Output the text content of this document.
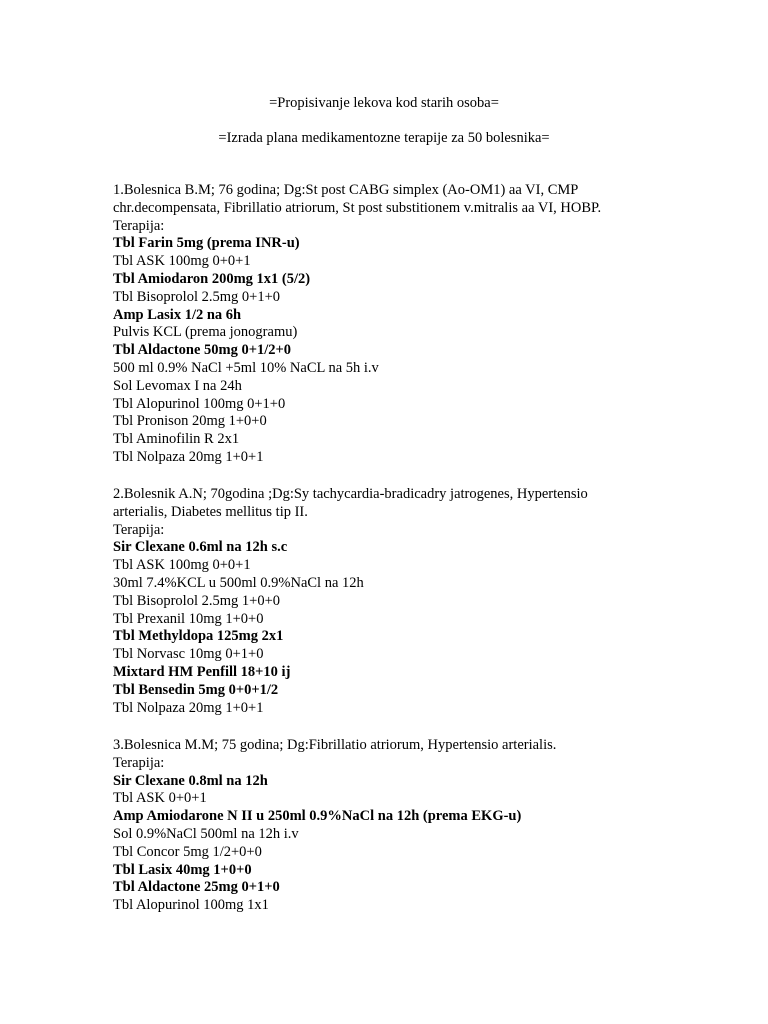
=Propisivanje lekova kod starih osoba=
=Izrada plana medikamentozne terapije za 50 bolesnika=
1.Bolesnica B.M; 76 godina; Dg:St post CABG simplex (Ao-OM1) aa VI, CMP
chr.decompensata, Fibrillatio atriorum, St post substitionem v.mitralis aa VI, HOBP.
Terapija:
Tbl Farin 5mg (prema INR-u)
Tbl ASK 100mg 0+0+1
Tbl Amiodaron 200mg 1x1 (5/2)
Tbl Bisoprolol 2.5mg 0+1+0
Amp Lasix 1/2 na 6h
Pulvis KCL (prema jonogramu)
Tbl Aldactone 50mg 0+1/2+0
500 ml 0.9% NaCl +5ml 10% NaCL na 5h i.v
Sol Levomax I na 24h
Tbl Alopurinol 100mg 0+1+0
Tbl Pronison 20mg 1+0+0
Tbl Aminofilin R 2x1
Tbl Nolpaza 20mg 1+0+1
2.Bolesnik A.N; 70godina ;Dg:Sy tachycardia-bradicadry jatrogenes, Hypertensio
arterialis, Diabetes mellitus tip II.
Terapija:
Sir Clexane 0.6ml na 12h s.c
Tbl ASK 100mg 0+0+1
30ml 7.4%KCL u 500ml 0.9%NaCl na 12h
Tbl Bisoprolol 2.5mg 1+0+0
Tbl Prexanil 10mg 1+0+0
Tbl Methyldopa 125mg 2x1
Tbl Norvasc 10mg 0+1+0
Mixtard HM Penfill 18+10 ij
Tbl Bensedin 5mg 0+0+1/2
Tbl Nolpaza 20mg 1+0+1
3.Bolesnica M.M; 75 godina; Dg:Fibrillatio atriorum, Hypertensio arterialis.
Terapija:
Sir Clexane 0.8ml na 12h
Tbl ASK 0+0+1
Amp Amiodarone N II u 250ml 0.9%NaCl na 12h (prema EKG-u)
Sol 0.9%NaCl 500ml na 12h i.v
Tbl Concor 5mg 1/2+0+0
Tbl Lasix 40mg 1+0+0
Tbl Aldactone 25mg 0+1+0
Tbl Alopurinol 100mg 1x1
